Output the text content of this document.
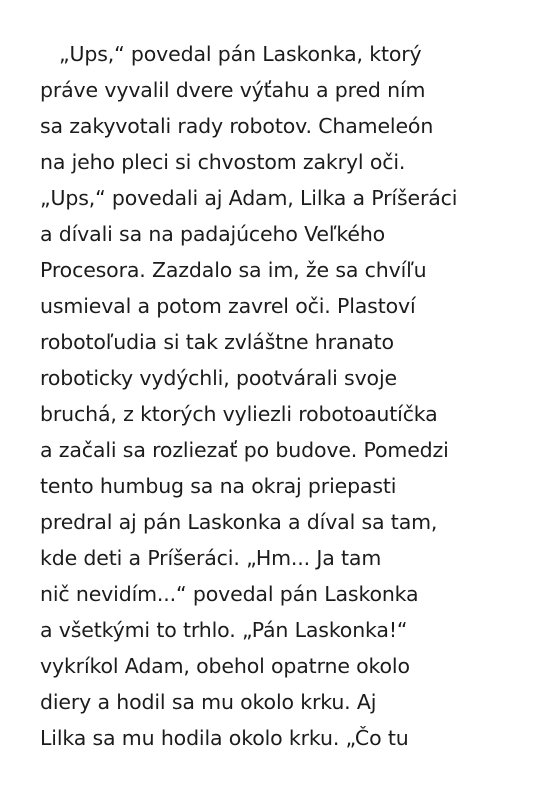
„Ups,“ povedal pán Laskonka, ktorý
práve vyvalil dvere výťahu a pred ním
sa zakyvotali rady robotov. Chameleón
na jeho pleci si chvostom zakryl oči.
„Ups,“ povedali aj Adam, Lilka a Príšeráci
a dívali sa na padajúceho Veľkého
Procesora. Zazdalo sa im, že sa chvíľu
usmieval a potom zavrel oči. Plastoví
robotoľudia si tak zvláštne hranato
roboticky vydýchli, pootvárali svoje
bruchá, z ktorých vyliezli robotoautíčka
a začali sa rozliezať po budove. Pomedzi
tento humbug sa na okraj priepasti
predral aj pán Laskonka a díval sa tam,
kde deti a Príšeráci. „Hm... Ja tam
nič nevidím...“ povedal pán Laskonka
a všetkými to trhlo. „Pán Laskonka!“
vykríkol Adam, obehol opatrne okolo
diery a hodil sa mu okolo krku. Aj
Lilka sa mu hodila okolo krku. „Čo tu
